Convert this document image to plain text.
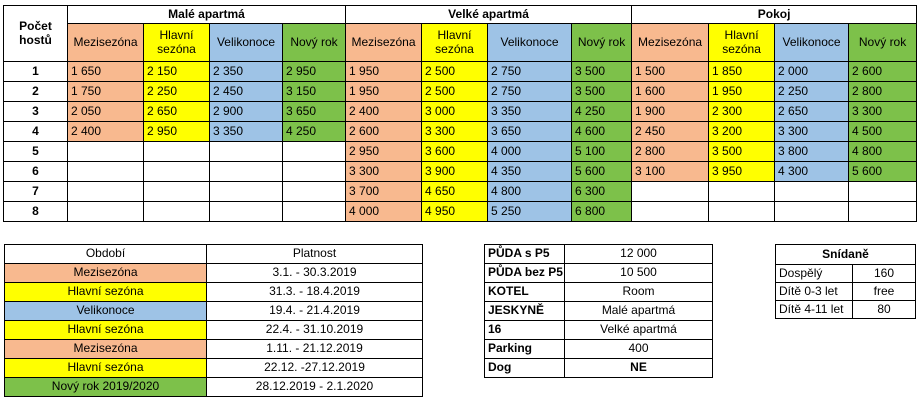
Počet hostů	Malé apartmá				Velké apartmá				Pokoj			
	Mezisezóna	Hlavní sezóna	Velikonoce	Nový rok	Mezisezóna	Hlavní sezóna	Velikonoce	Nový rok	Mezisezóna	Hlavní sezóna	Velikonoce	Nový rok
1	1 650	2 150	2 350	2 950	1 950	2 500	2 750	3 500	1 500	1 850	2 000	2 600
2	1 750	2 250	2 450	3 150	1 950	2 500	2 750	3 500	1 600	1 950	2 250	2 800
3	2 050	2 650	2 900	3 650	2 400	3 000	3 350	4 250	1 900	2 300	2 650	3 300
4	2 400	2 950	3 350	4 250	2 600	3 300	3 650	4 600	2 450	3 200	3 300	4 500
5					2 950	3 600	4 000	5 100	2 800	3 500	3 800	4 800
6					3 300	3 900	4 350	5 600	3 100	3 950	4 300	5 600
7					3 700	4 650	4 800	6 300				
8					4 000	4 950	5 250	6 800				
Období	Platnost
Mezisezóna	3.1. - 30.3.2019
Hlavní sezóna	31.3. - 18.4.2019
Velikonoce	19.4. - 21.4.2019
Hlavní sezóna	22.4. - 31.10.2019
Mezisezóna	1.11. - 21.12.2019
Hlavní sezóna	22.12. -27.12.2019
Nový rok 2019/2020	28.12.2019 - 2.1.2020
PŮDA s P5	12 000
PŮDA bez P5	10 500
KOTEL	Room
JESKYNĚ	Malé apartmá
16	Velké apartmá
Parking	400
Dog	NE
Snídaně	
Dospělý	160
Dítě 0-3 let	free
Dítě 4-11 let	80
